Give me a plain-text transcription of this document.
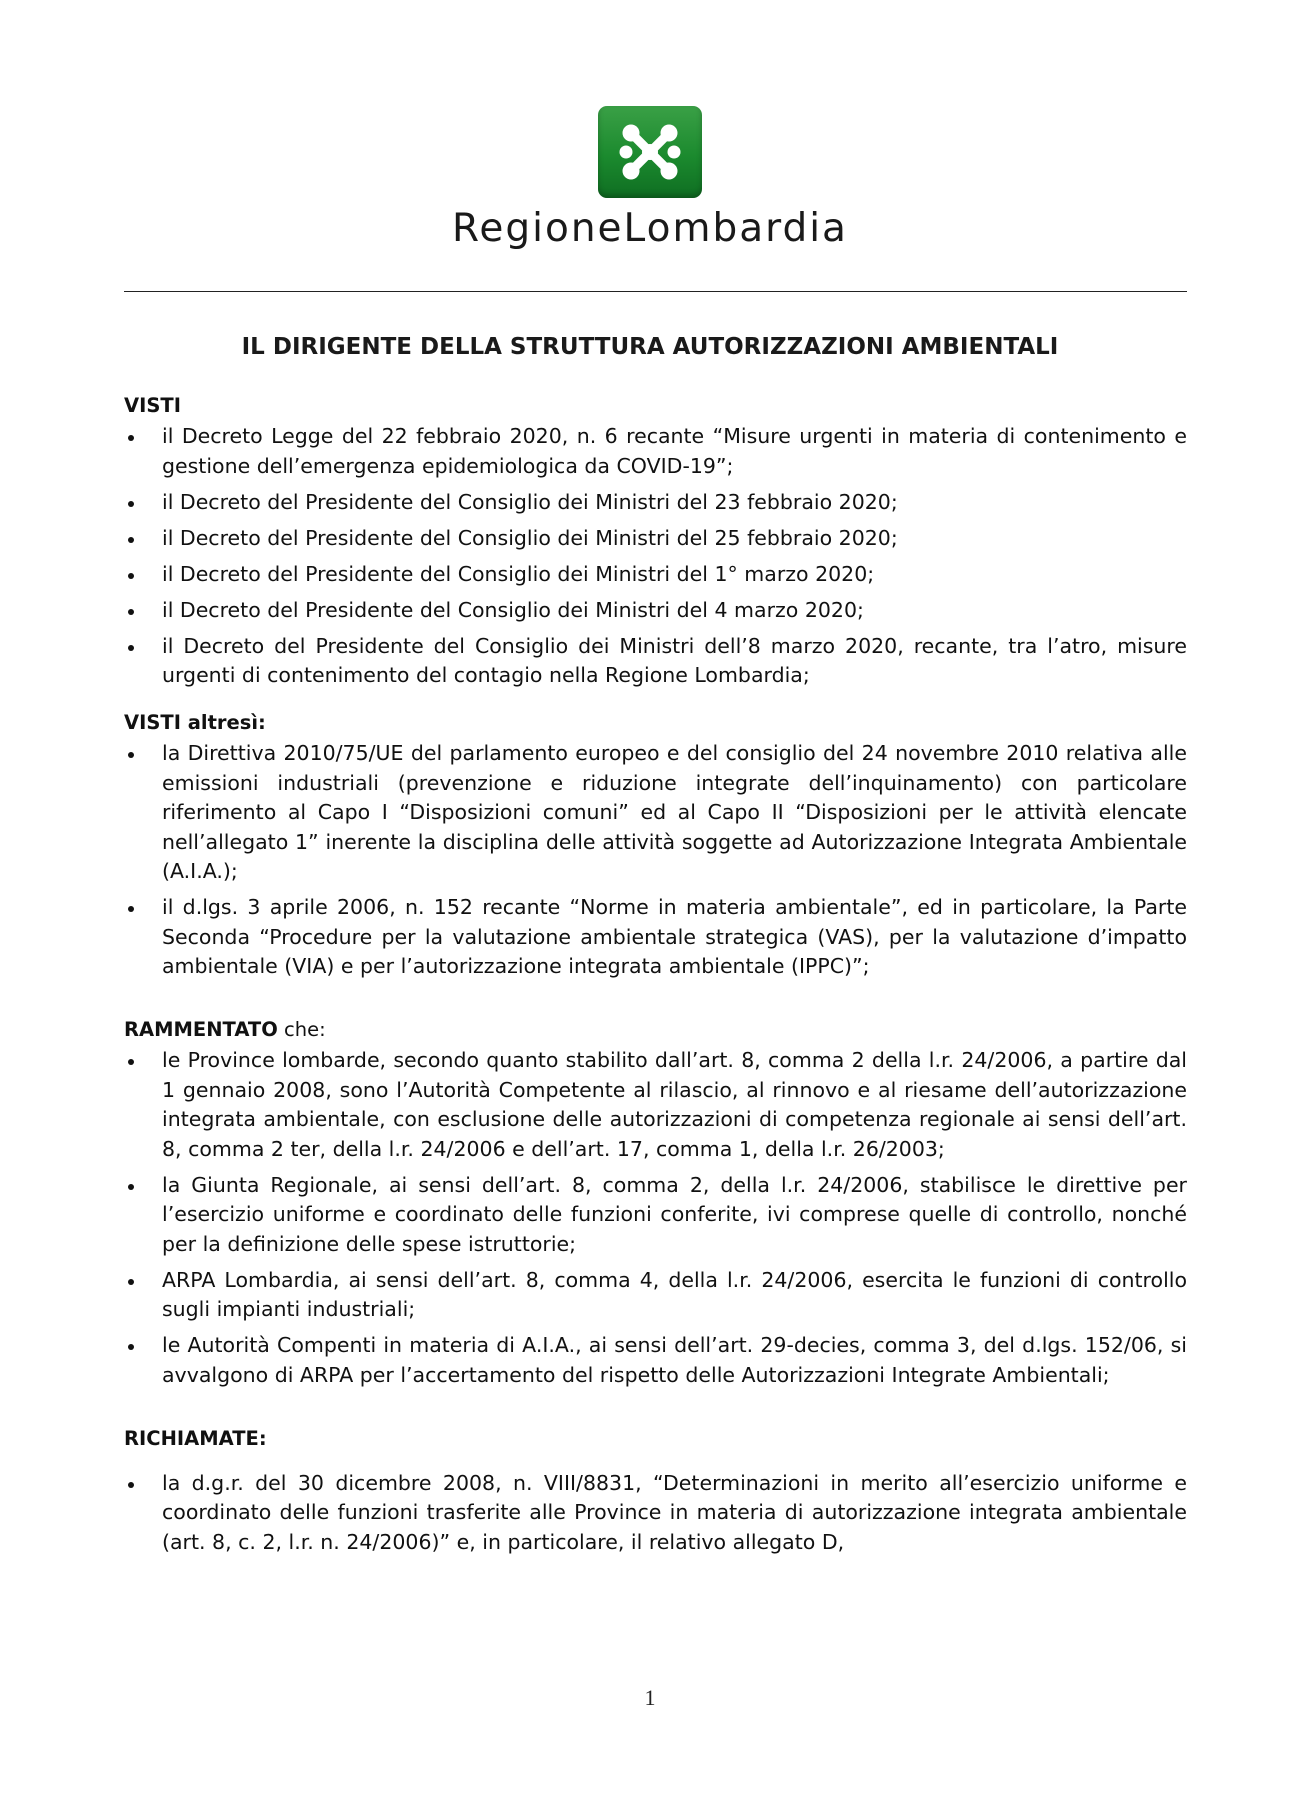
RegioneLombardia
IL DIRIGENTE DELLA STRUTTURA AUTORIZZAZIONI AMBIENTALI

VISTI

il Decreto Legge del 22 febbraio 2020, n. 6 recante “Misure urgenti in materia di contenimento e gestione dell’emergenza epidemiologica da COVID-19”;
il Decreto del Presidente del Consiglio dei Ministri del 23 febbraio 2020;
il Decreto del Presidente del Consiglio dei Ministri del 25 febbraio 2020;
il Decreto del Presidente del Consiglio dei Ministri del 1° marzo 2020;
il Decreto del Presidente del Consiglio dei Ministri del 4 marzo 2020;
il Decreto del Presidente del Consiglio dei Ministri dell’8 marzo 2020, recante, tra l’atro, misure urgenti di contenimento del contagio nella Regione Lombardia;

VISTI altresì:

la Direttiva 2010/75/UE del parlamento europeo e del consiglio del 24 novembre 2010 relativa alle emissioni industriali (prevenzione e riduzione integrate dell’inquinamento) con particolare riferimento al Capo I “Disposizioni comuni” ed al Capo II “Disposizioni per le attività elencate nell’allegato 1” inerente la disciplina delle attività soggette ad Autorizzazione Integrata Ambientale (A.I.A.);
il d.lgs. 3 aprile 2006, n. 152 recante “Norme in materia ambientale”, ed in particolare, la Parte Seconda “Procedure per la valutazione ambientale strategica (VAS), per la valutazione d’impatto ambientale (VIA) e per l’autorizzazione integrata ambientale (IPPC)”;

RAMMENTATO che:

le Province lombarde, secondo quanto stabilito dall’art. 8, comma 2 della l.r. 24/2006, a partire dal 1 gennaio 2008, sono l’Autorità Competente al rilascio, al rinnovo e al riesame dell’autorizzazione integrata ambientale, con esclusione delle autorizzazioni di competenza regionale ai sensi dell’art. 8, comma 2 ter, della l.r. 24/2006 e dell’art. 17, comma 1, della l.r. 26/2003;
la Giunta Regionale, ai sensi dell’art. 8, comma 2, della l.r. 24/2006, stabilisce le direttive per l’esercizio uniforme e coordinato delle funzioni conferite, ivi comprese quelle di controllo, nonché per la definizione delle spese istruttorie;
ARPA Lombardia, ai sensi dell’art. 8, comma 4, della l.r. 24/2006, esercita le funzioni di controllo sugli impianti industriali;
le Autorità Compenti in materia di A.I.A., ai sensi dell’art. 29-decies, comma 3, del d.lgs. 152/06, si avvalgono di ARPA per l’accertamento del rispetto delle Autorizzazioni Integrate Ambientali;

RICHIAMATE:

la d.g.r. del 30 dicembre 2008, n. VIII/8831, “Determinazioni in merito all’esercizio uniforme e coordinato delle funzioni trasferite alle Province in materia di autorizzazione integrata ambientale (art. 8, c. 2, l.r. n. 24/2006)” e, in particolare, il relativo allegato D,
1
